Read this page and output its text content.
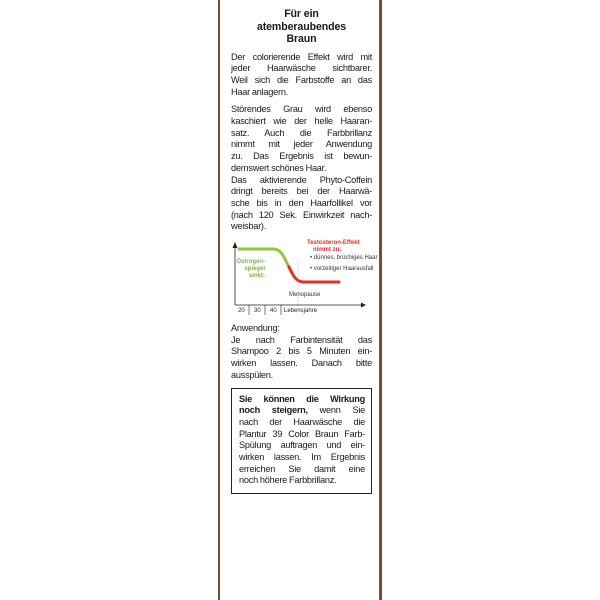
Für ein
atemberaubendes
Braun
Der colorierende Effekt wird mit
jeder Haarwäsche sichtbarer.
Weil sich die Farbstoffe an das
Haar anlagern.
Störendes Grau wird ebenso
kaschiert wie der helle Haaran-
satz. Auch die Farbbrillanz
nimmt mit jeder Anwendung
zu. Das Ergebnis ist bewun-
dernswert schönes Haar.
Das aktivierende Phyto-Coffein
dringt bereits bei der Haarwä-
sche bis in den Haarfollikel vor
(nach 120 Sek. Einwirkzeit nach-
weisbar).
Östrogen-
spiegel
sinkt:
Testosteron-Effekt
nimmt zu:
• dünnes, brüchiges Haar
• vorzeitiger Haarausfall
Menopause
20 30 40 Lebensjahre
Anwendung:
Je nach Farbintensität das
Shampoo 2 bis 5 Minuten ein-
wirken lassen. Danach bitte
ausspülen.
Sie können die Wirkung
noch steigern, wenn Sie
nach der Haarwäsche die
Plantur 39 Color Braun Farb-
Spülung auftragen und ein-
wirken lassen. Im Ergebnis
erreichen Sie damit eine
noch höhere Farbbrillanz.
